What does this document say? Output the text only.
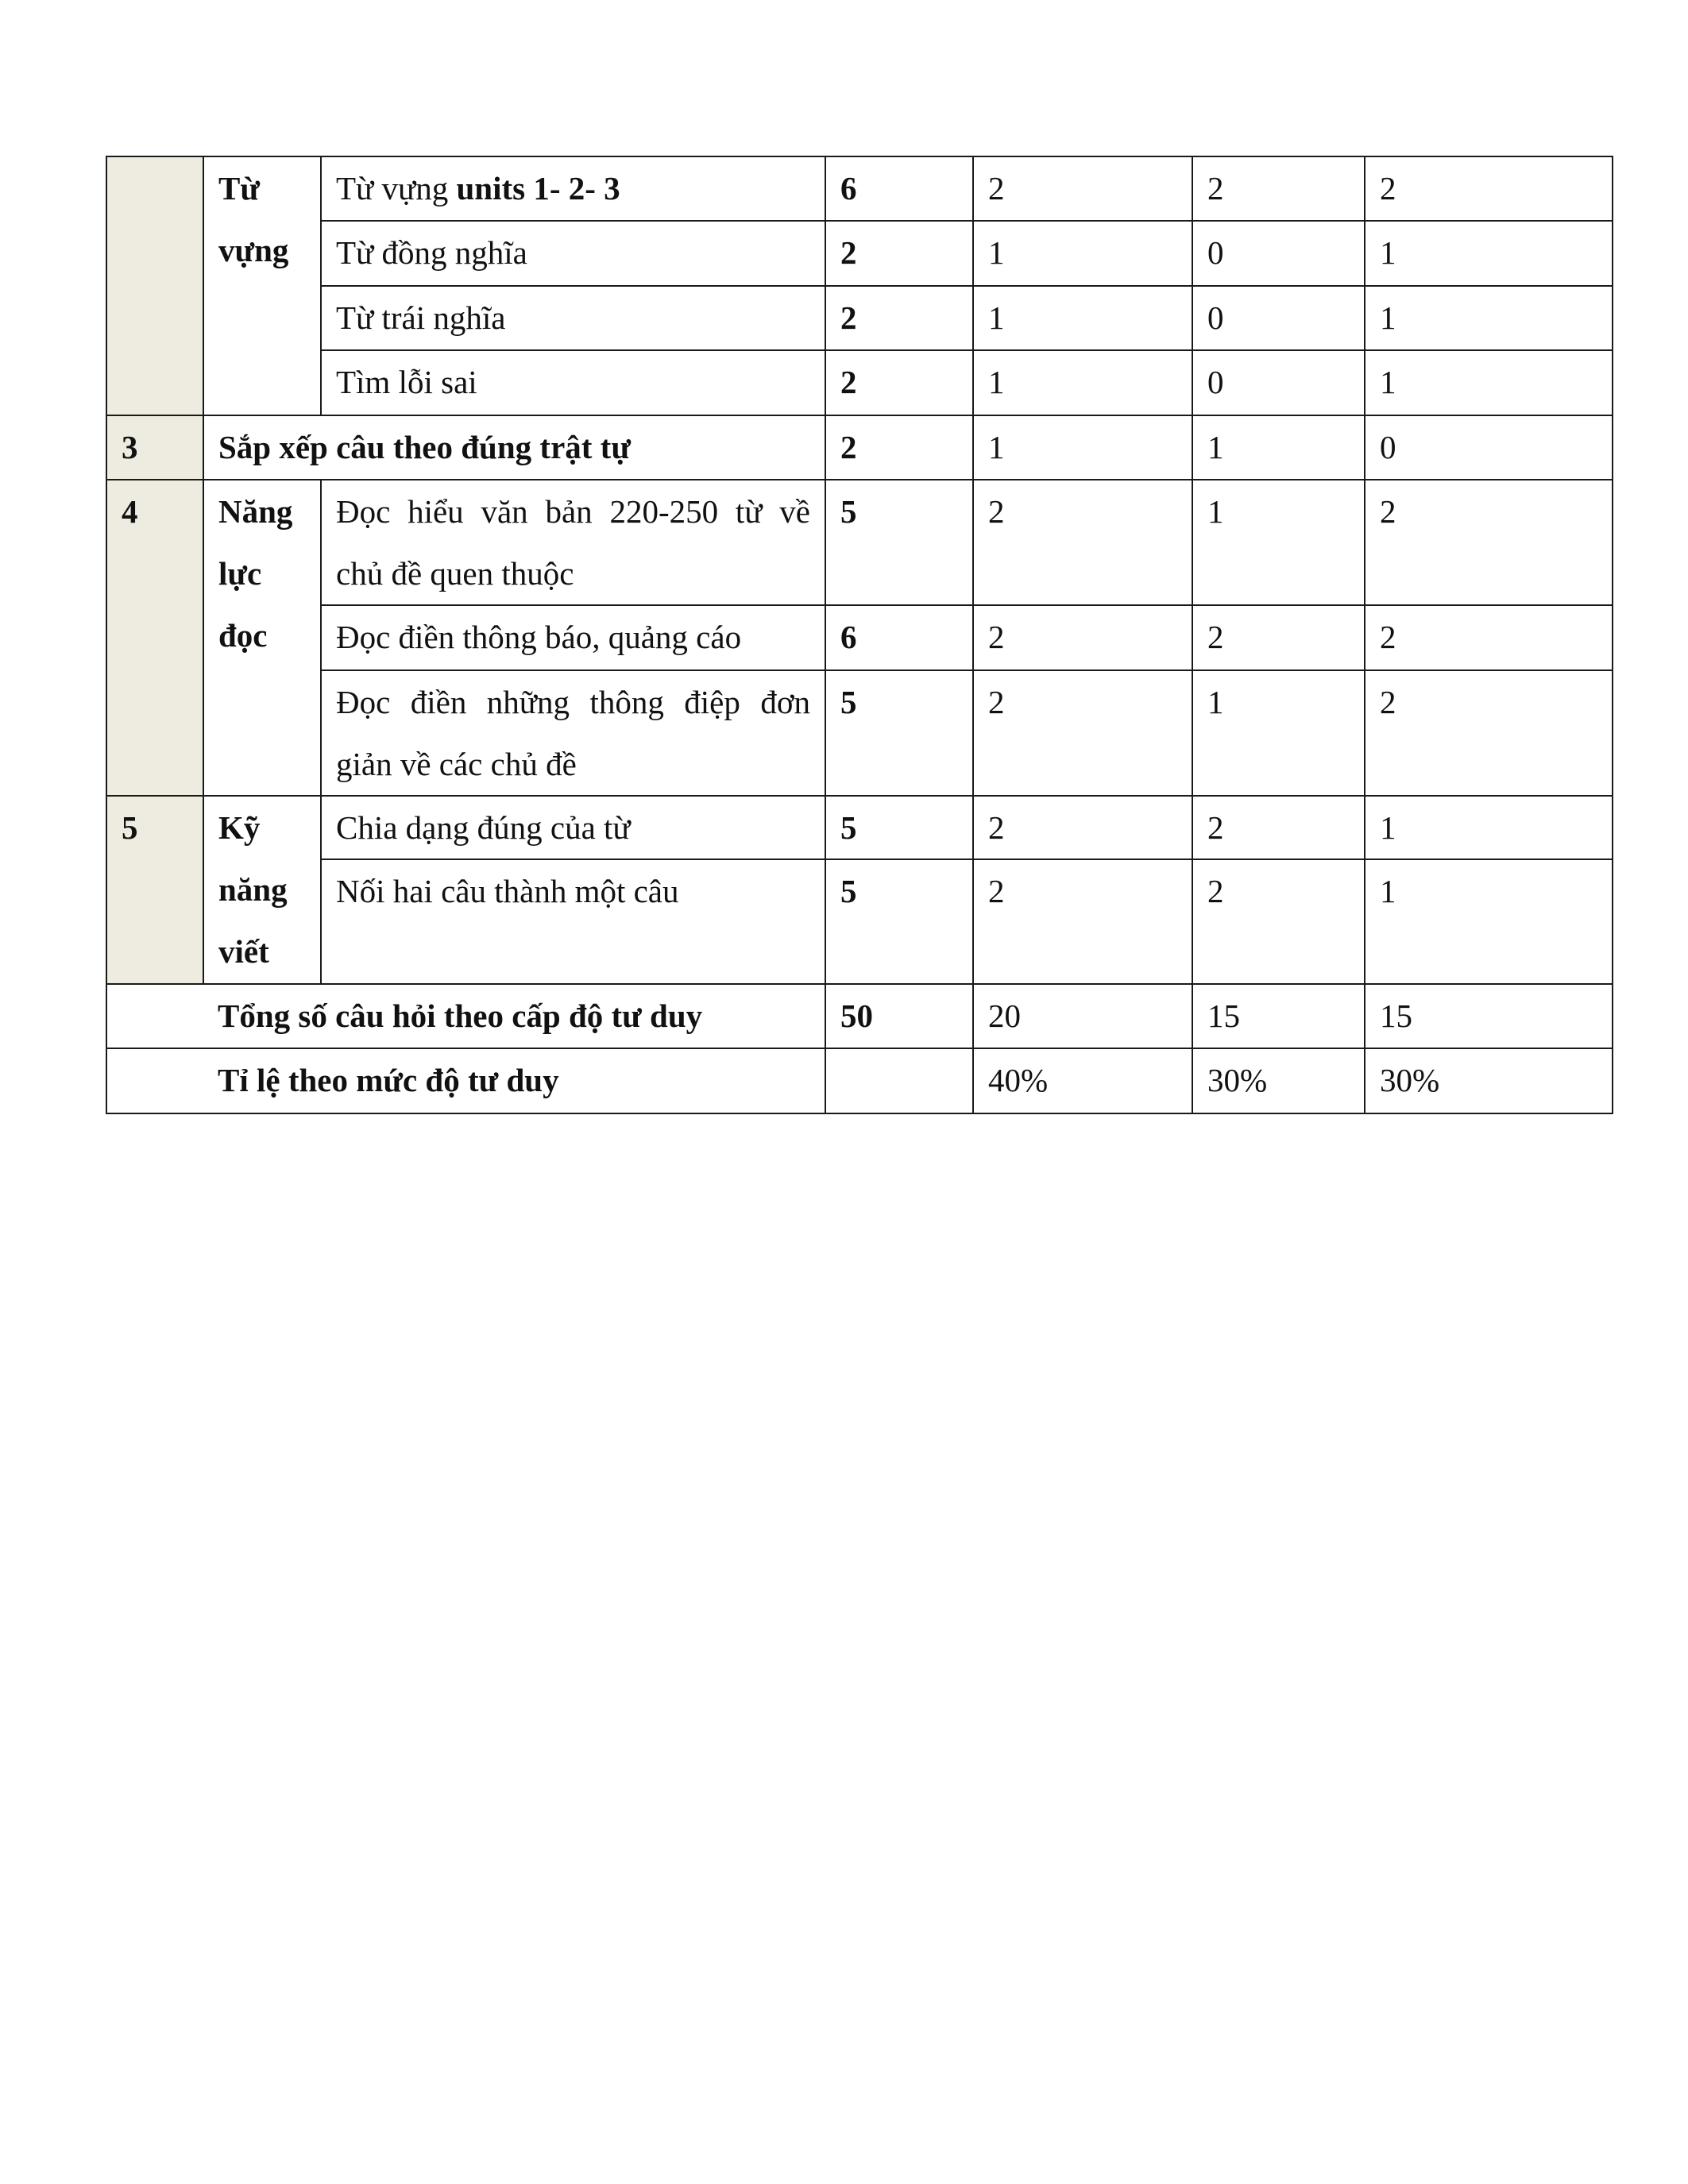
	Từ vựng	Từ vựng units 1- 2- 3	6	2	2	2
		Từ đồng nghĩa	2	1	0	1
		Từ trái nghĩa	2	1	0	1
		Tìm lỗi sai	2	1	0	1
3	Sắp xếp câu theo đúng trật tự		2	1	1	0
4	Năng lực đọc	Đọc hiểu văn bản 220-250 từ về chủ đề quen thuộc	5	2	1	2
		Đọc điền thông báo, quảng cáo	6	2	2	2
		Đọc điền những thông điệp đơn giản về các chủ đề	5	2	1	2
5	Kỹ năng viết	Chia dạng đúng của từ	5	2	2	1
		Nối hai câu thành một câu	5	2	2	1
	Tổng số câu hỏi theo cấp độ tư duy		50	20	15	15
	Tỉ lệ theo mức độ tư duy			40%	30%	30%
